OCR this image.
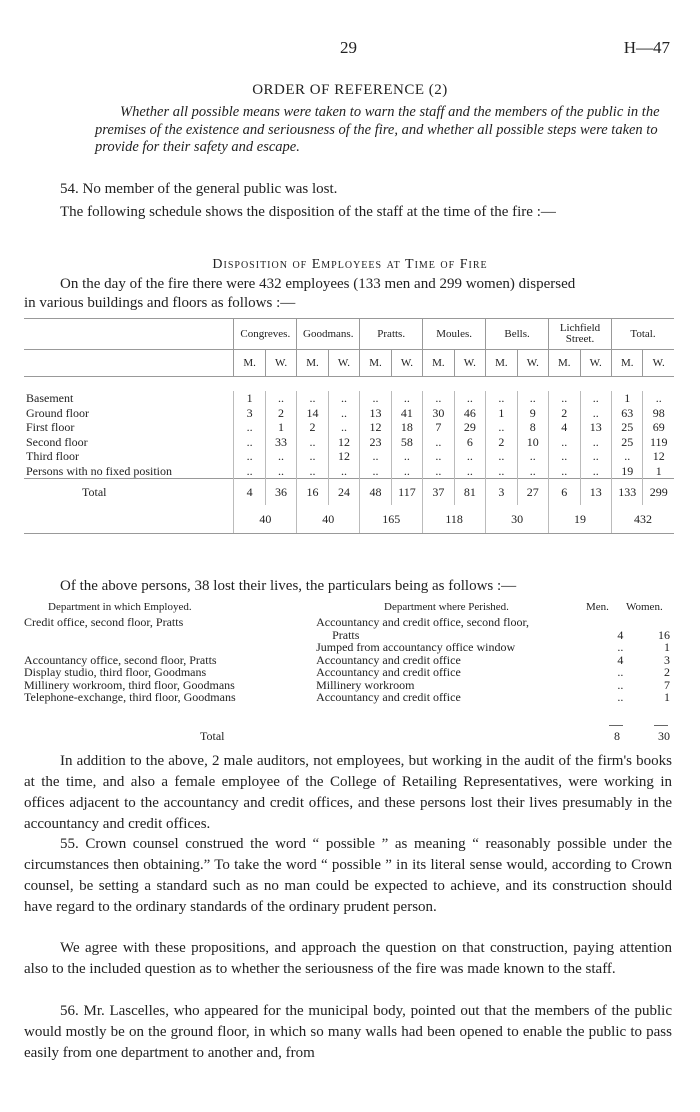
29	H—47
ORDER OF REFERENCE (2)
Whether all possible means were taken to warn the staff and the members of the public in the premises of the existence and seriousness of the fire, and whether all possible steps were taken to provide for their safety and escape.
54. No member of the general public was lost.
The following schedule shows the disposition of the staff at the time of the fire :—
Disposition of Employees at Time of Fire
On the day of the fire there were 432 employees (133 men and 299 women) dispersed
in various buildings and floors as follows :—
	Congreves.		Goodmans.		Pratts.		Moules.		Bells.		Lichfield Street.		Total.	
	M.	W.	M.	W.	M.	W.	M.	W.	M.	W.	M.	W.	M.	W.

Basement	1	..	..	..	..	..	..	..	..	..	..	..	1	..
Ground floor	3	2	14	..	13	41	30	46	1	9	2	..	63	98
First floor	..	1	2	..	12	18	7	29	..	8	4	13	25	69
Second floor	..	33	..	12	23	58	..	6	2	10	..	..	25	119
Third floor	..	..	..	12	..	..	..	..	..	..	..	..	..	12
Persons with no fixed position	..	..	..	..	..	..	..	..	..	..	..	..	19	1
Total	4	36	16	24	48	117	37	81	3	27	6	13	133	299
	40		40		165		118		30		19		432	
Of the above persons, 38 lost their lives, the particulars being as follows :—
Department in which Employed.	Department where Perished.	Men. Women.
Credit office, second floor, Pratts	Accountancy and credit office, second floor,		
	Pratts	4	16
	Jumped from accountancy office window	..	1
Accountancy office, second floor, Pratts	Accountancy and credit office	4	3
Display studio, third floor, Goodmans	Accountancy and credit office	..	2
Millinery workroom, third floor, Goodmans	Millinery workroom	..	7
Telephone-exchange, third floor, Goodmans	Accountancy and credit office	..	1
Total	8	30
In addition to the above, 2 male auditors, not employees, but working in the audit of the firm's books at the time, and also a female employee of the College of Retailing Representatives, were working in offices adjacent to the accountancy and credit offices, and these persons lost their lives presumably in the accountancy and credit offices.
55. Crown counsel construed the word “ possible ” as meaning “ reasonably possible under the circumstances then obtaining.” To take the word “ possible ” in its literal sense would, according to Crown counsel, be setting a standard such as no man could be expected to achieve, and its construction should have regard to the ordinary standards of the ordinary prudent person.
We agree with these propositions, and approach the question on that construction, paying attention also to the included question as to whether the seriousness of the fire was made known to the staff.
56. Mr. Lascelles, who appeared for the municipal body, pointed out that the members of the public would mostly be on the ground floor, in which so many walls had been opened to enable the public to pass easily from one department to another and, from
